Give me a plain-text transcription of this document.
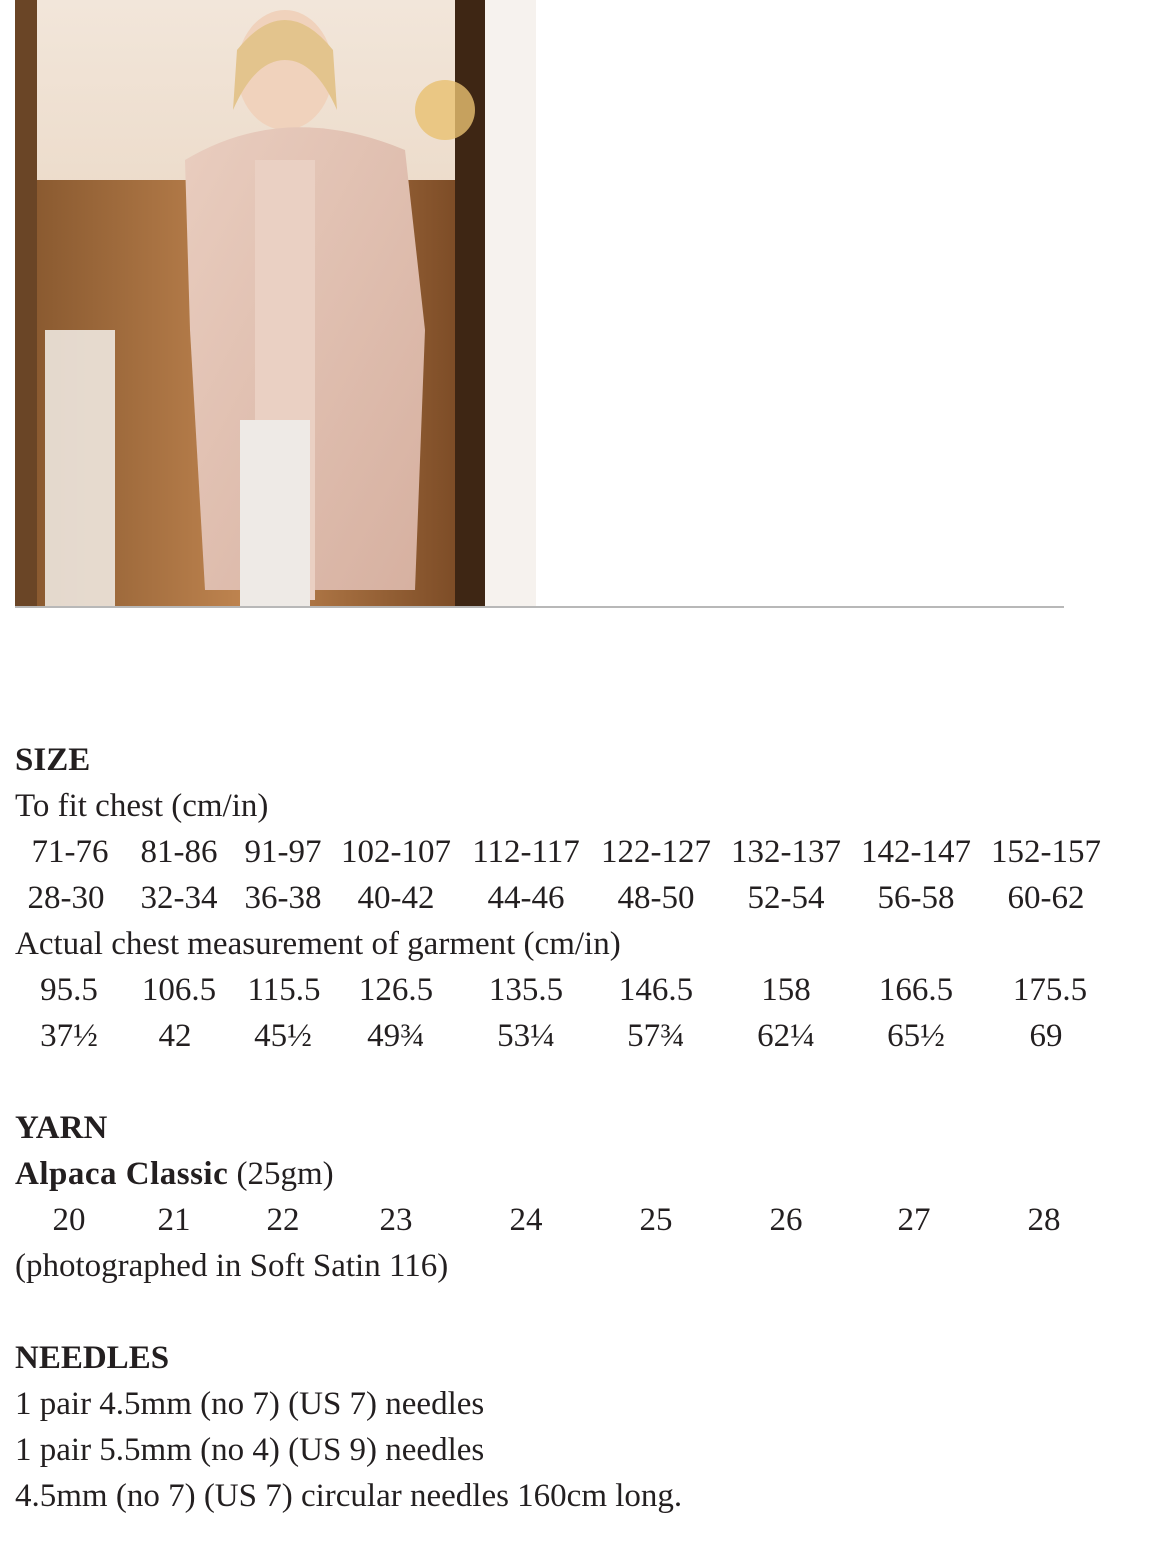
SIZE
To fit chest (cm/in)
71-76 81-86 91-97 102-107 112-117 122-127 132-137 142-147 152-157
28-30	32-34 36-38	40-42	44-46	48-50	52-54	56-58	60-62
Actual chest measurement of garment (cm/in)
95.5	106.5 115.5	126.5	135.5	146.5	158	166.5	175.5
37½	42	45½	49¾	53¼	57¾	62¼	65½	69
YARN
Alpaca Classic (25gm)
20	21	22	23	24	25	26	27	28
(photographed in Soft Satin 116)
NEEDLES
1 pair 4.5mm (no 7) (US 7) needles
1 pair 5.5mm (no 4) (US 9) needles
4.5mm (no 7) (US 7) circular needles 160cm long.
